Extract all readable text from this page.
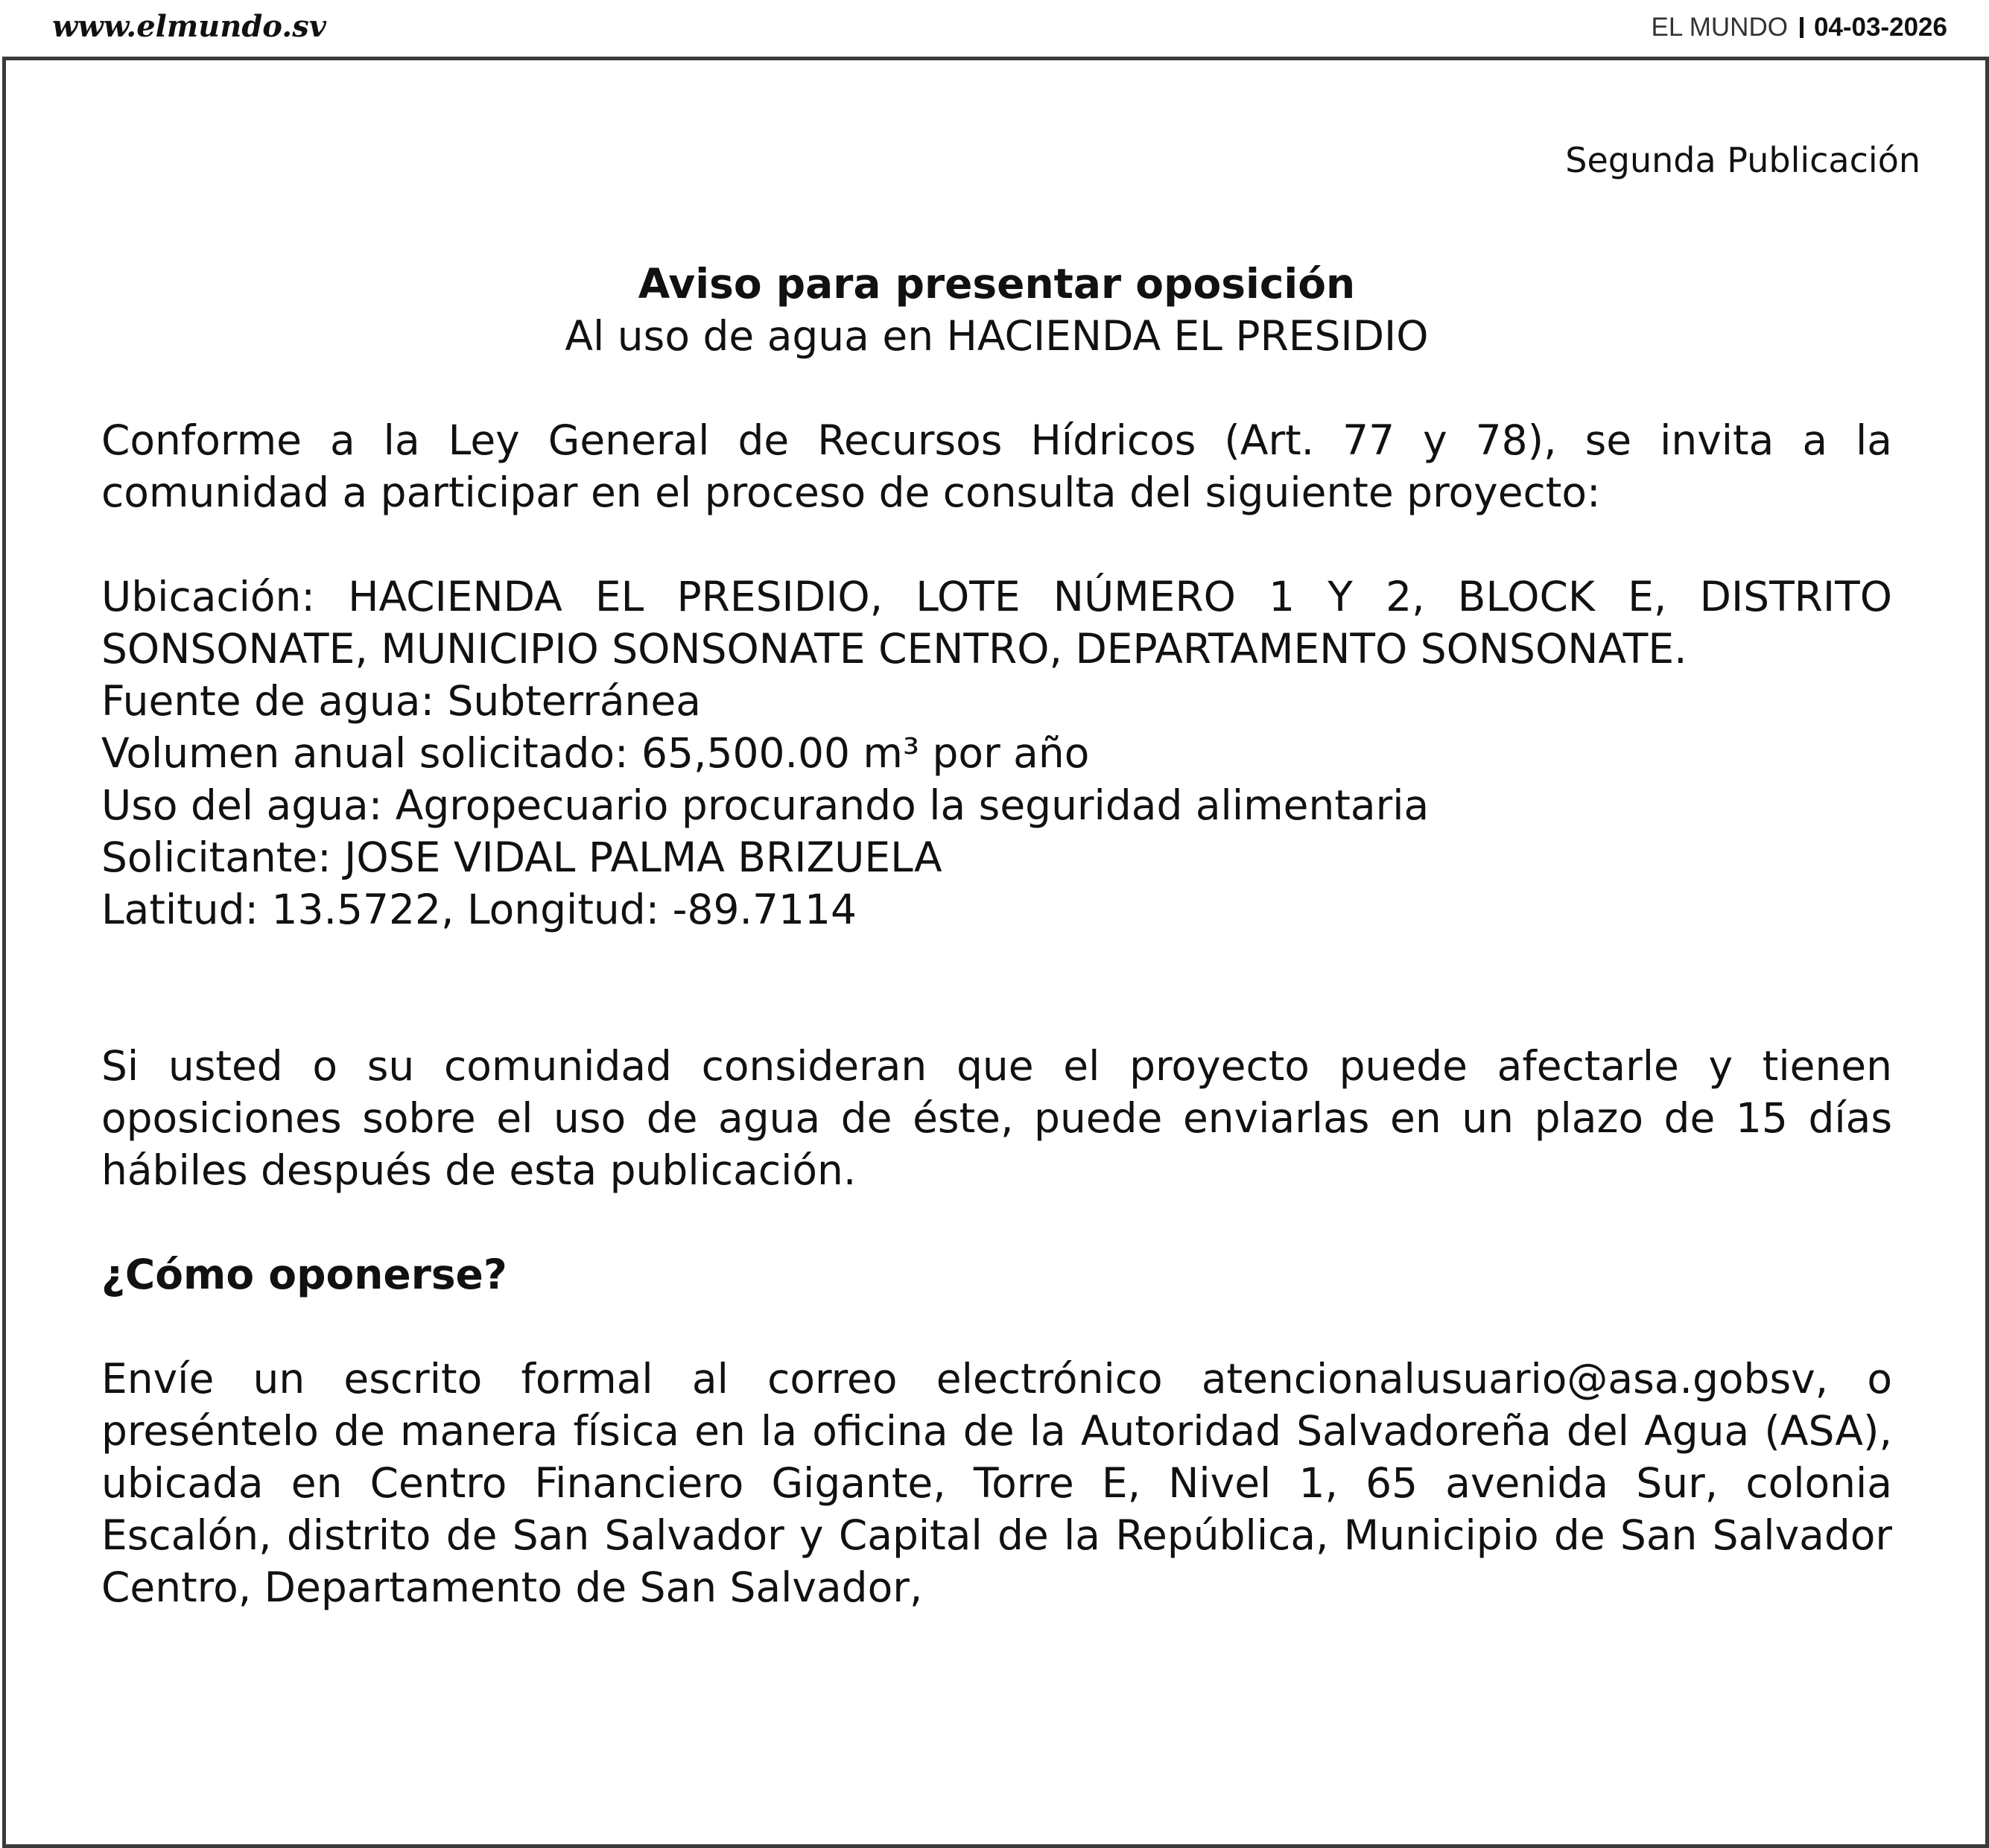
www.elmundo.sv	EL MUNDO 04-03-2026
Segunda Publicación

Aviso para presentar oposición

Al uso de agua en HACIENDA EL PRESIDIO

Conforme a la Ley General de Recursos Hídricos (Art. 77 y 78), se invita a la comunidad a participar en el proceso de consulta del siguiente proyecto:

Ubicación: HACIENDA EL PRESIDIO, LOTE NÚMERO 1 Y 2, BLOCK E, DISTRITO SONSONATE, MUNICIPIO SONSONATE CENTRO, DEPARTAMENTO SONSONATE.

Fuente de agua: Subterránea

Volumen anual solicitado: 65,500.00 m³ por año

Uso del agua: Agropecuario procurando la seguridad alimentaria

Solicitante: JOSE VIDAL PALMA BRIZUELA

Latitud: 13.5722, Longitud: -89.7114

Si usted o su comunidad consideran que el proyecto puede afectarle y tienen oposiciones sobre el uso de agua de éste, puede enviarlas en un plazo de 15 días hábiles después de esta publicación.

¿Cómo oponerse?

Envíe un escrito formal al correo electrónico atencionalusuario@asa.gobsv, o preséntelo de manera física en la oficina de la Autoridad Salvadoreña del Agua (ASA), ubicada en Centro Financiero Gigante, Torre E, Nivel 1, 65 avenida Sur, colonia Escalón, distrito de San Salvador y Capital de la República, Municipio de San Salvador Centro, Departamento de San Salvador,
